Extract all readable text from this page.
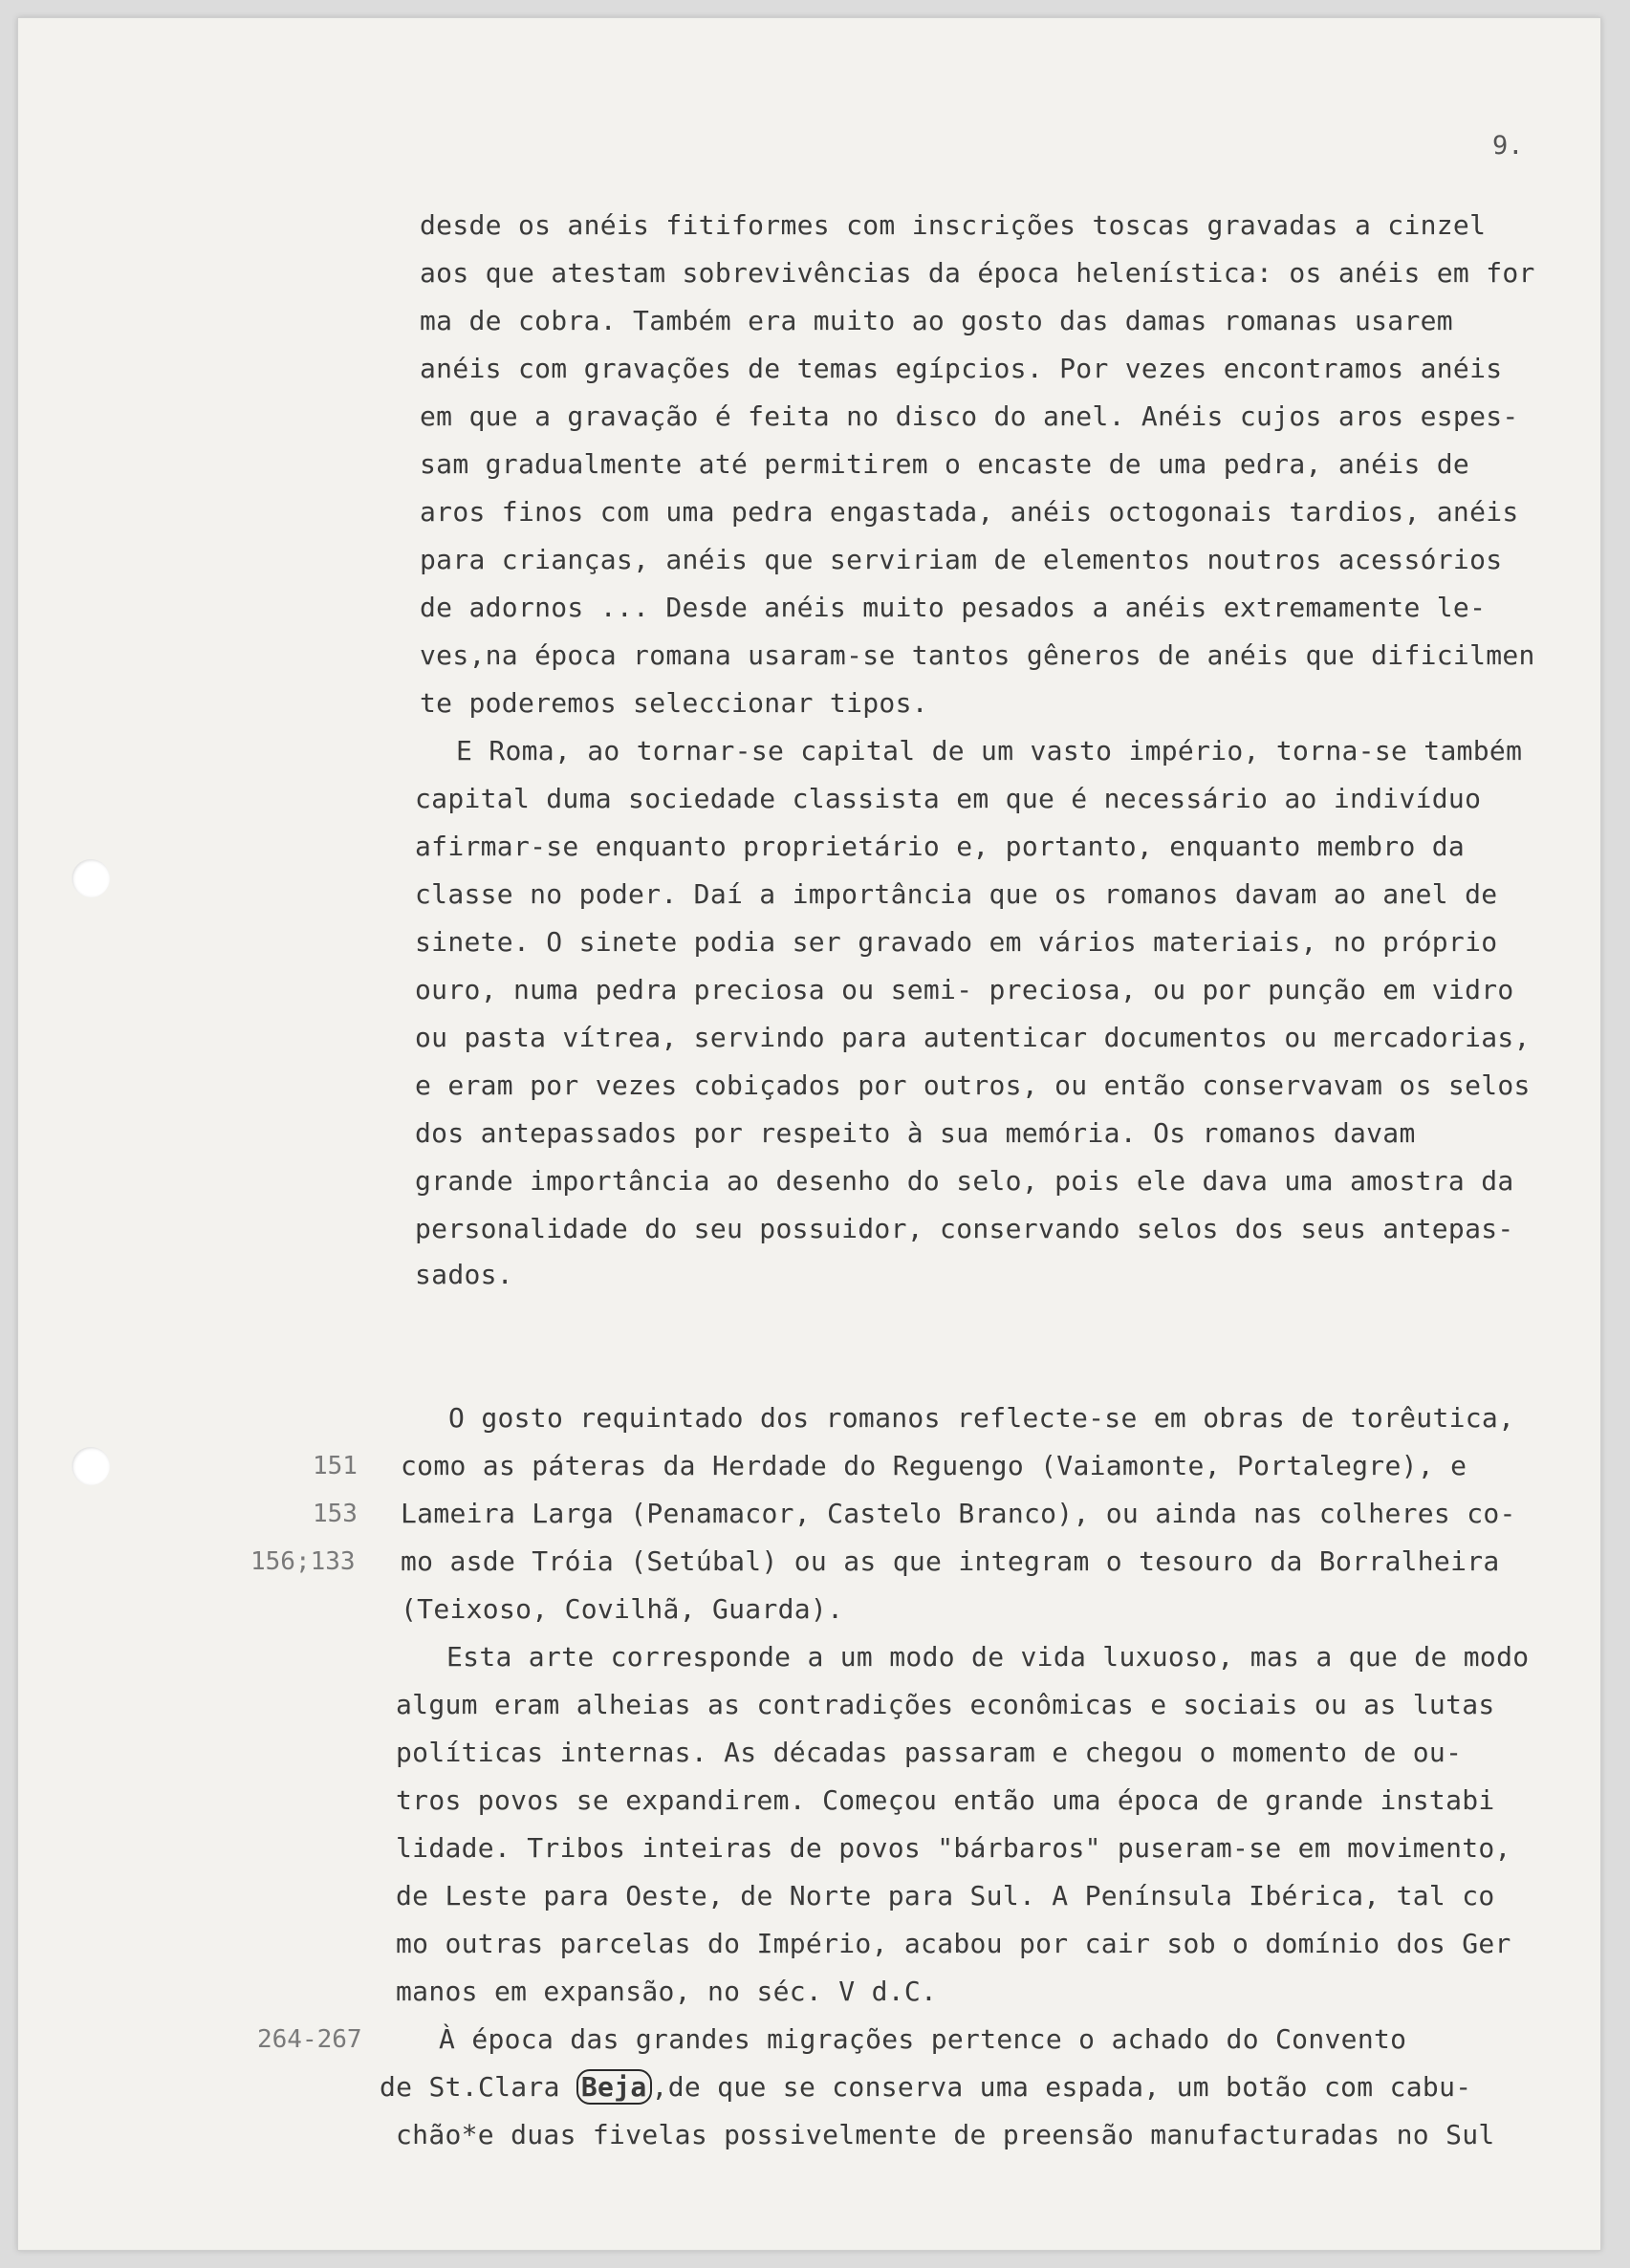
9.
desde os anéis fitiformes com inscrições toscas gravadas a cinzel
aos que atestam sobrevivências da época helenística: os anéis em for
ma de cobra. Também era muito ao gosto das damas romanas usarem
anéis com gravações de temas egípcios. Por vezes encontramos anéis
em que a gravação é feita no disco do anel. Anéis cujos aros espes-
sam gradualmente até permitirem o encaste de uma pedra, anéis de
aros finos com uma pedra engastada, anéis octogonais tardios, anéis
para crianças, anéis que serviriam de elementos noutros acessórios
de adornos ... Desde anéis muito pesados a anéis extremamente le-
ves,na época romana usaram-se tantos gêneros de anéis que dificilmen
te poderemos seleccionar tipos.
E Roma, ao tornar-se capital de um vasto império, torna-se também
capital duma sociedade classista em que é necessário ao indivíduo
afirmar-se enquanto proprietário e, portanto, enquanto membro da
classe no poder. Daí a importância que os romanos davam ao anel de
sinete. O sinete podia ser gravado em vários materiais, no próprio
ouro, numa pedra preciosa ou semi- preciosa, ou por punção em vidro
ou pasta vítrea, servindo para autenticar documentos ou mercadorias,
e eram por vezes cobiçados por outros, ou então conservavam os selos
dos antepassados por respeito à sua memória. Os romanos davam
grande importância ao desenho do selo, pois ele dava uma amostra da
personalidade do seu possuidor, conservando selos dos seus antepas-
sados.
O gosto requintado dos romanos reflecte-se em obras de torêutica,
como as páteras da Herdade do Reguengo (Vaiamonte, Portalegre), e
Lameira Larga (Penamacor, Castelo Branco), ou ainda nas colheres co-
mo asde Tróia (Setúbal) ou as que integram o tesouro da Borralheira
(Teixoso, Covilhã, Guarda).
151
153
156;133
Esta arte corresponde a um modo de vida luxuoso, mas a que de modo
algum eram alheias as contradições econômicas e sociais ou as lutas
políticas internas. As décadas passaram e chegou o momento de ou-
tros povos se expandirem. Começou então uma época de grande instabi
lidade. Tribos inteiras de povos "bárbaros" puseram-se em movimento,
de Leste para Oeste, de Norte para Sul. A Península Ibérica, tal co
mo outras parcelas do Império, acabou por cair sob o domínio dos Ger
manos em expansão, no séc. V d.C.
264-267	À época das grandes migrações pertence o achado do Convento
de St.Clara Beja ,de que se conserva uma espada, um botão com cabu-
chão*e duas fivelas possivelmente de preensão manufacturadas no Sul
